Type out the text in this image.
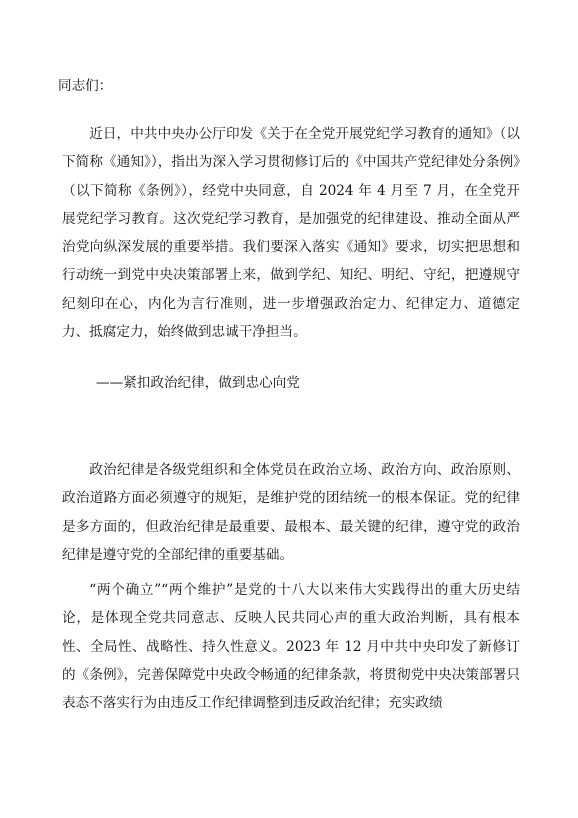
同志们：

近日，中共中央办公厅印发《关于在全党开展党纪学习教育的通知》（以下简称《通知》），指出为深入学习贯彻修订后的《中国共产党纪律处分条例》（以下简称《条例》），经党中央同意，自 2024 年 4 月至 7 月，在全党开展党纪学习教育。这次党纪学习教育，是加强党的纪律建设、推动全面从严治党向纵深发展的重要举措。我们要深入落实《通知》要求，切实把思想和行动统一到党中央决策部署上来，做到学纪、知纪、明纪、守纪，把遵规守纪刻印在心，内化为言行准则，进一步增强政治定力、纪律定力、道德定力、抵腐定力，始终做到忠诚干净担当。

——紧扣政治纪律，做到忠心向党

政治纪律是各级党组织和全体党员在政治立场、政治方向、政治原则、政治道路方面必须遵守的规矩，是维护党的团结统一的根本保证。党的纪律是多方面的，但政治纪律是最重要、最根本、最关键的纪律，遵守党的政治纪律是遵守党的全部纪律的重要基础。

“两个确立”“两个维护”是党的十八大以来伟大实践得出的重大历史结论，是体现全党共同意志、反映人民共同心声的重大政治判断，具有根本性、全局性、战略性、持久性意义。2023 年 12 月中共中央印发了新修订的《条例》，完善保障党中央政令畅通的纪律条款，将贯彻党中央决策部署只表态不落实行为由违反工作纪律调整到违反政治纪律；充实政绩
